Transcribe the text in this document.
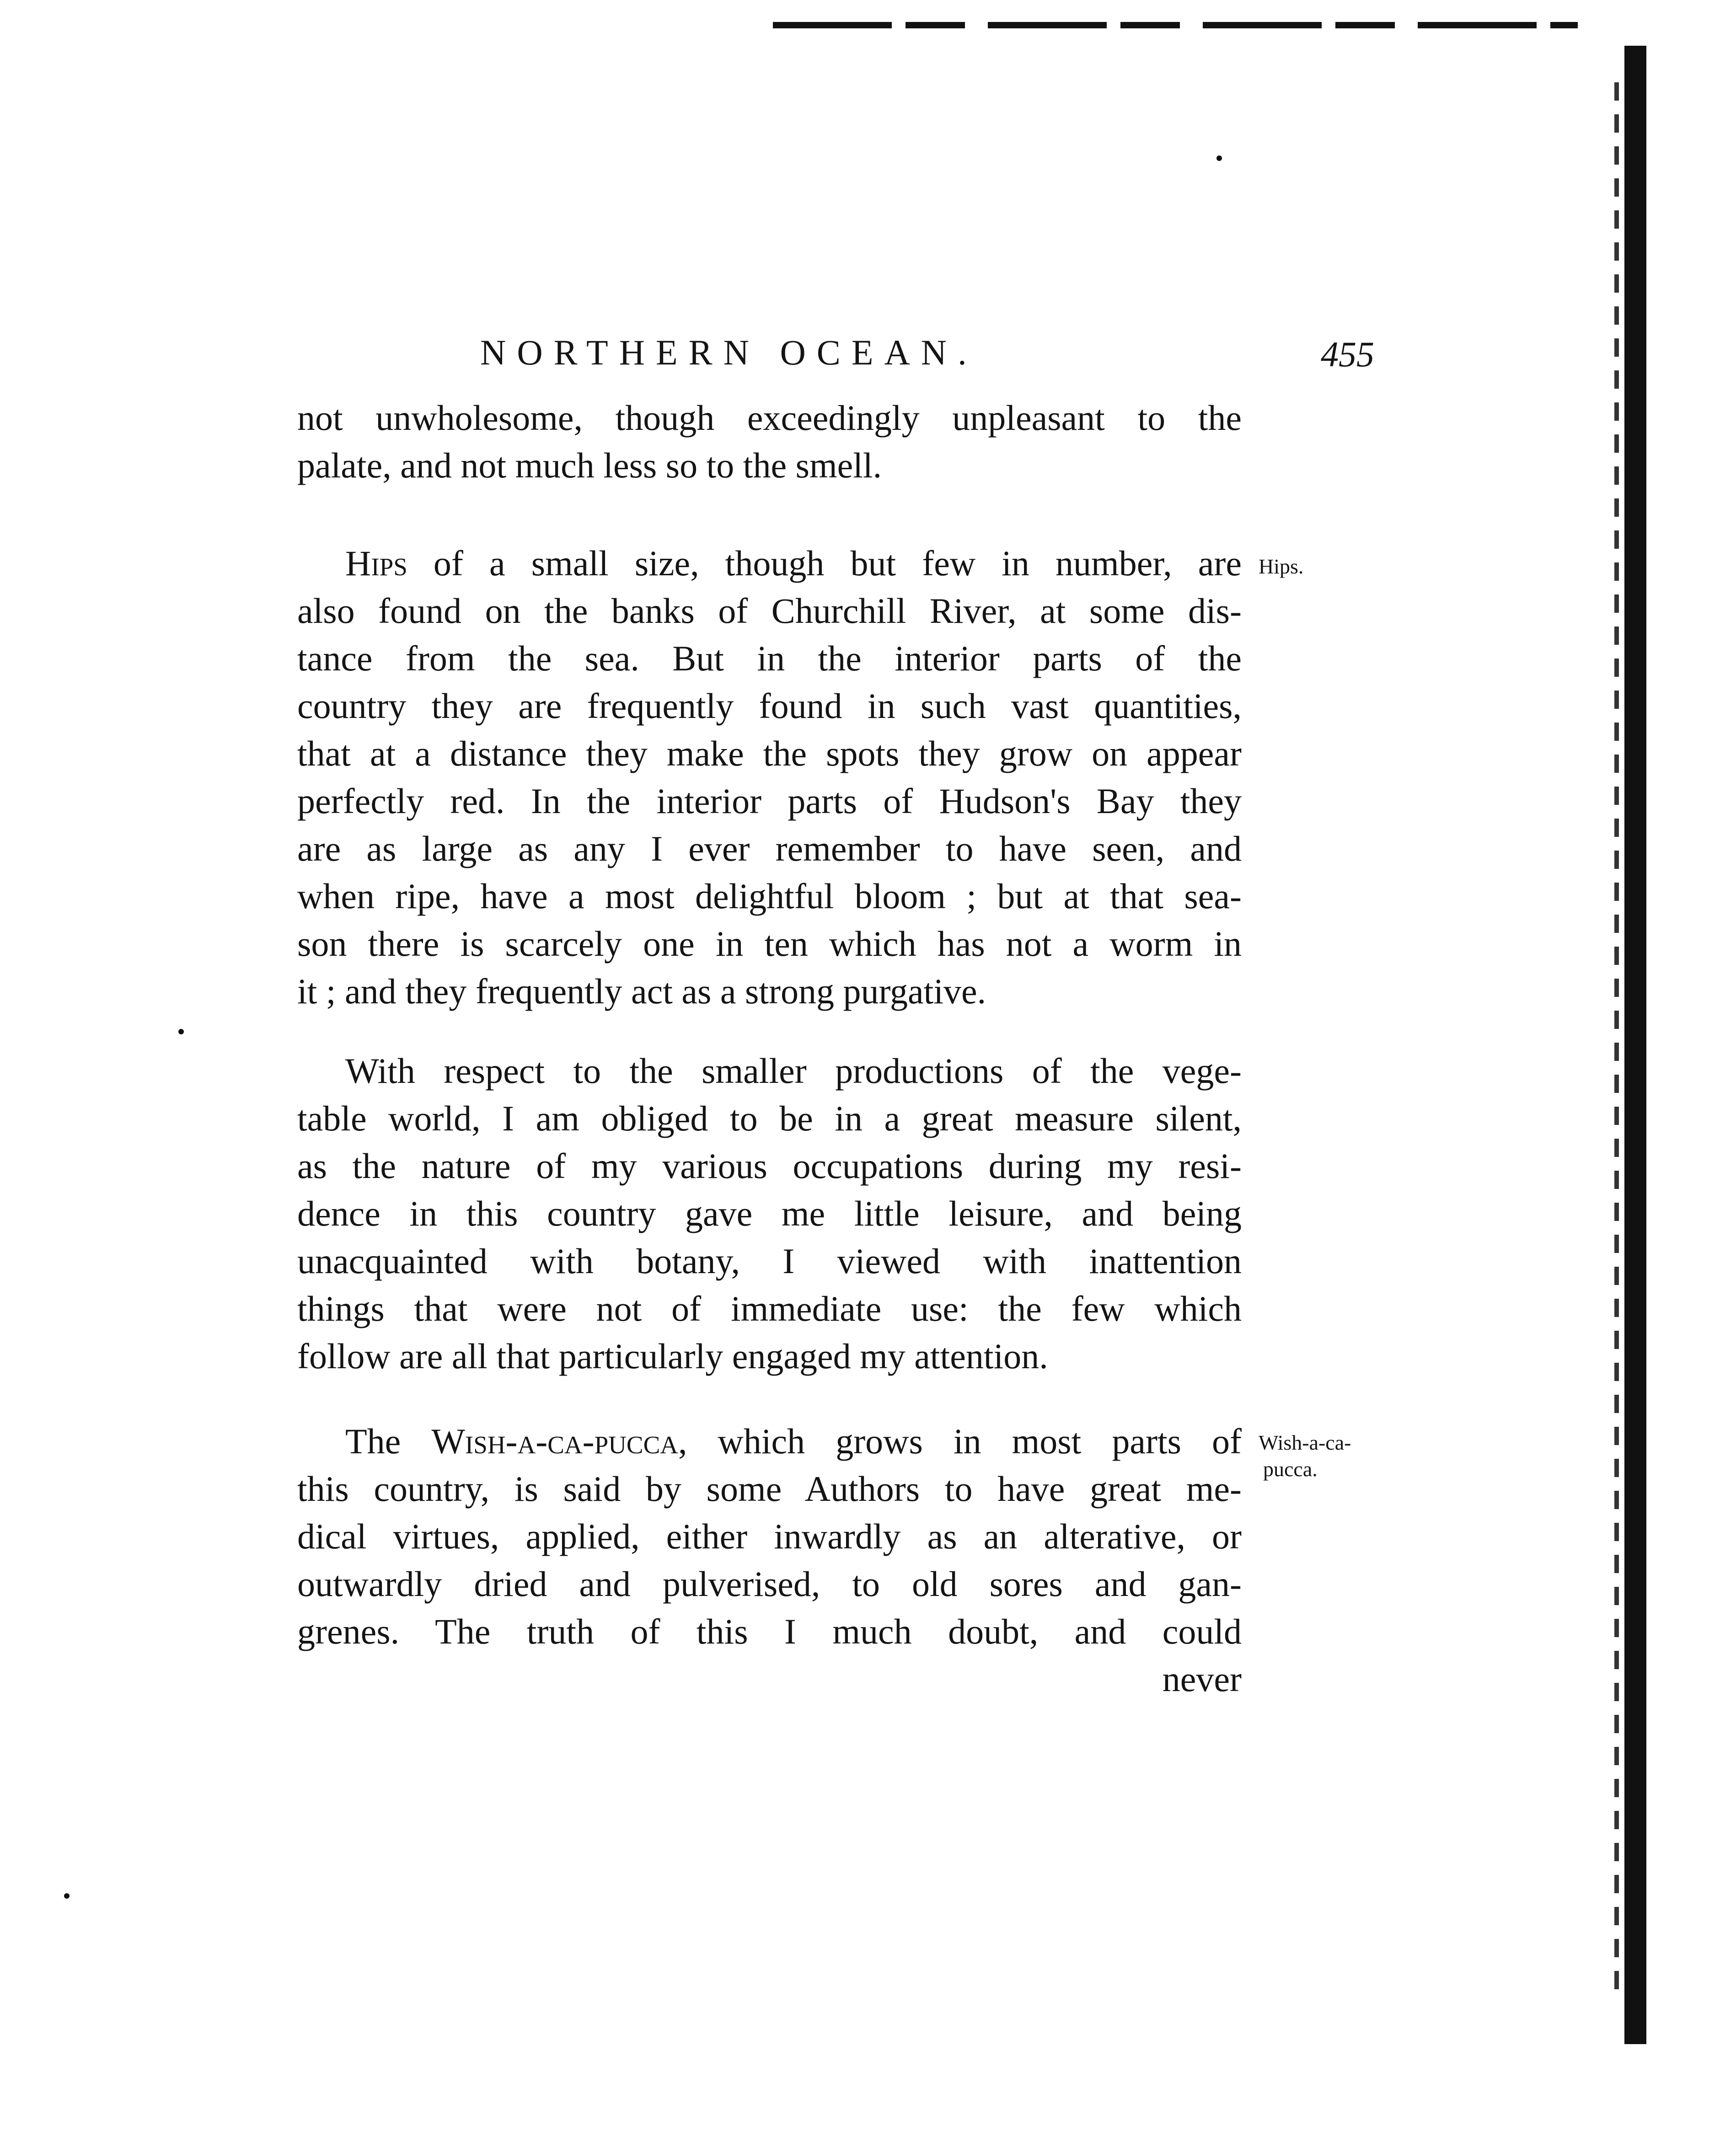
NORTHERN OCEAN.	455
not unwholesome, though exceedingly unpleasant to the
palate, and not much less so to the smell.
Hips of a small size, though but few in number, are
also found on the banks of Churchill River, at some dis-
tance from the sea. But in the interior parts of the
country they are frequently found in such vast quantities,
that at a distance they make the spots they grow on appear
perfectly red. In the interior parts of Hudson's Bay they
are as large as any I ever remember to have seen, and
when ripe, have a most delightful bloom ; but at that sea-
son there is scarcely one in ten which has not a worm in
it ; and they frequently act as a strong purgative.
Hips.
With respect to the smaller productions of the vege-
table world, I am obliged to be in a great measure silent,
as the nature of my various occupations during my resi-
dence in this country gave me little leisure, and being
unacquainted with botany, I viewed with inattention
things that were not of immediate use: the few which
follow are all that particularly engaged my attention.
The Wish-a-ca-pucca, which grows in most parts of
this country, is said by some Authors to have great me-
dical virtues, applied, either inwardly as an alterative, or
outwardly dried and pulverised, to old sores and gan-
grenes. The truth of this I much doubt, and could
never
Wish-a-ca-
pucca.
